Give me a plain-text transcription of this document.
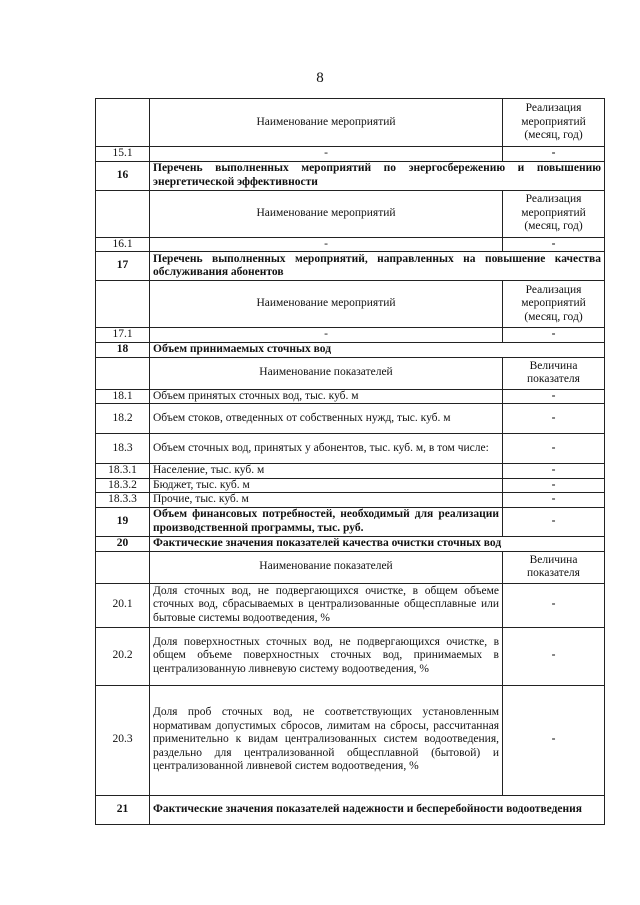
8
	Наименование мероприятий	Реализация мероприятий (месяц, год)
15.1	-	-
16	Перечень выполненных мероприятий по энергосбережению и повышению энергетической эффективности	
	Наименование мероприятий	Реализация мероприятий (месяц, год)
16.1	-	-
17	Перечень выполненных мероприятий, направленных на повышение качества обслуживания абонентов	
	Наименование мероприятий	Реализация мероприятий (месяц, год)
17.1	-	-
18	Объем принимаемых сточных вод	
	Наименование показателей	Величина показателя
18.1	Объем принятых сточных вод, тыс. куб. м	-
18.2	Объем стоков, отведенных от собственных нужд, тыс. куб. м	-
18.3	Объем сточных вод, принятых у абонентов, тыс. куб. м, в том числе:	-
18.3.1	Население, тыс. куб. м	-
18.3.2	Бюджет, тыс. куб. м	-
18.3.3	Прочие, тыс. куб. м	-
19	Объем финансовых потребностей, необходимый для реализации производственной программы, тыс. руб.	-
20	Фактические значения показателей качества очистки сточных вод	
	Наименование показателей	Величина показателя
20.1	Доля сточных вод, не подвергающихся очистке, в общем объеме сточных вод, сбрасываемых в централизованные общесплавные или бытовые системы водоотведения, %	-
20.2	Доля поверхностных сточных вод, не подвергающихся очистке, в общем объеме поверхностных сточных вод, принимаемых в централизованную ливневую систему водоотведения, %	-
20.3	Доля проб сточных вод, не соответствующих установленным нормативам допустимых сбросов, лимитам на сбросы, рассчитанная применительно к видам централизованных систем водоотведения, раздельно для централизованной общесплавной (бытовой) и централизованной ливневой систем водоотведения, %	-
21	Фактические значения показателей надежности и бесперебойности водоотведения	
